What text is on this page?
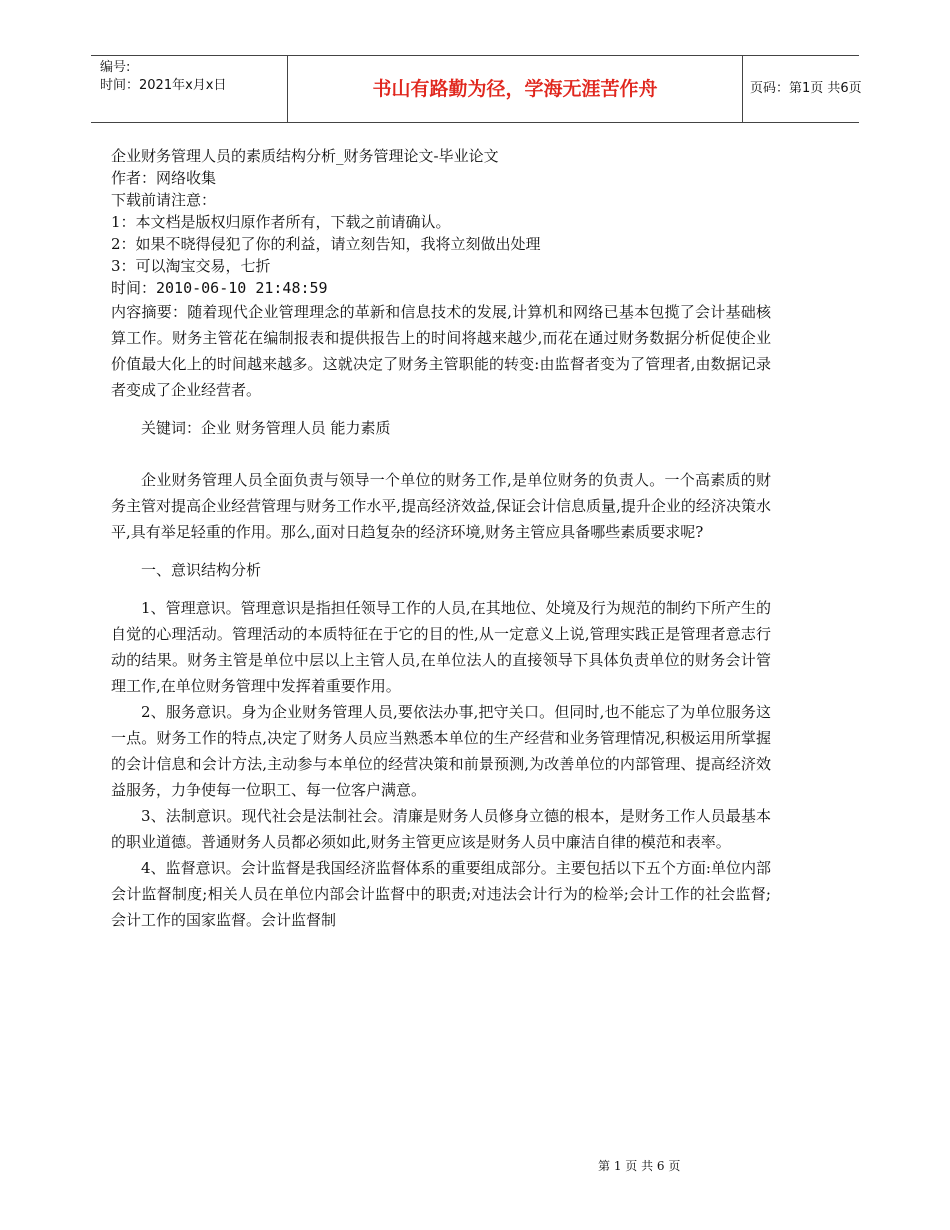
编号:
时间：2021年x月x日	书山有路勤为径，学海无涯苦作舟	页码：第1页 共6页
企业财务管理人员的素质结构分析_财务管理论文-毕业论文
作者：网络收集
下载前请注意：
1：本文档是版权归原作者所有，下载之前请确认。
2：如果不晓得侵犯了你的利益，请立刻告知，我将立刻做出处理
3：可以淘宝交易，七折
时间：2010-06-10 21:48:59
内容摘要：随着现代企业管理理念的革新和信息技术的发展,计算机和网络已基本包揽了会计基础核算工作。财务主管花在编制报表和提供报告上的时间将越来越少,而花在通过财务数据分析促使企业价值最大化上的时间越来越多。这就决定了财务主管职能的转变:由监督者变为了管理者,由数据记录者变成了企业经营者。
关键词：企业 财务管理人员 能力素质
企业财务管理人员全面负责与领导一个单位的财务工作,是单位财务的负责人。一个高素质的财务主管对提高企业经营管理与财务工作水平,提高经济效益,保证会计信息质量,提升企业的经济决策水平,具有举足轻重的作用。那么,面对日趋复杂的经济环境,财务主管应具备哪些素质要求呢?
一、意识结构分析
1、管理意识。管理意识是指担任领导工作的人员,在其地位、处境及行为规范的制约下所产生的自觉的心理活动。管理活动的本质特征在于它的目的性,从一定意义上说,管理实践正是管理者意志行动的结果。财务主管是单位中层以上主管人员,在单位法人的直接领导下具体负责单位的财务会计管理工作,在单位财务管理中发挥着重要作用。
2、服务意识。身为企业财务管理人员,要依法办事,把守关口。但同时,也不能忘了为单位服务这一点。财务工作的特点,决定了财务人员应当熟悉本单位的生产经营和业务管理情况,积极运用所掌握的会计信息和会计方法,主动参与本单位的经营决策和前景预测,为改善单位的内部管理、提高经济效益服务，力争使每一位职工、每一位客户满意。
3、法制意识。现代社会是法制社会。清廉是财务人员修身立德的根本，是财务工作人员最基本的职业道德。普通财务人员都必须如此,财务主管更应该是财务人员中廉洁自律的模范和表率。
4、监督意识。会计监督是我国经济监督体系的重要组成部分。主要包括以下五个方面:单位内部会计监督制度;相关人员在单位内部会计监督中的职责;对违法会计行为的检举;会计工作的社会监督;会计工作的国家监督。会计监督制
第 1 页 共 6 页
